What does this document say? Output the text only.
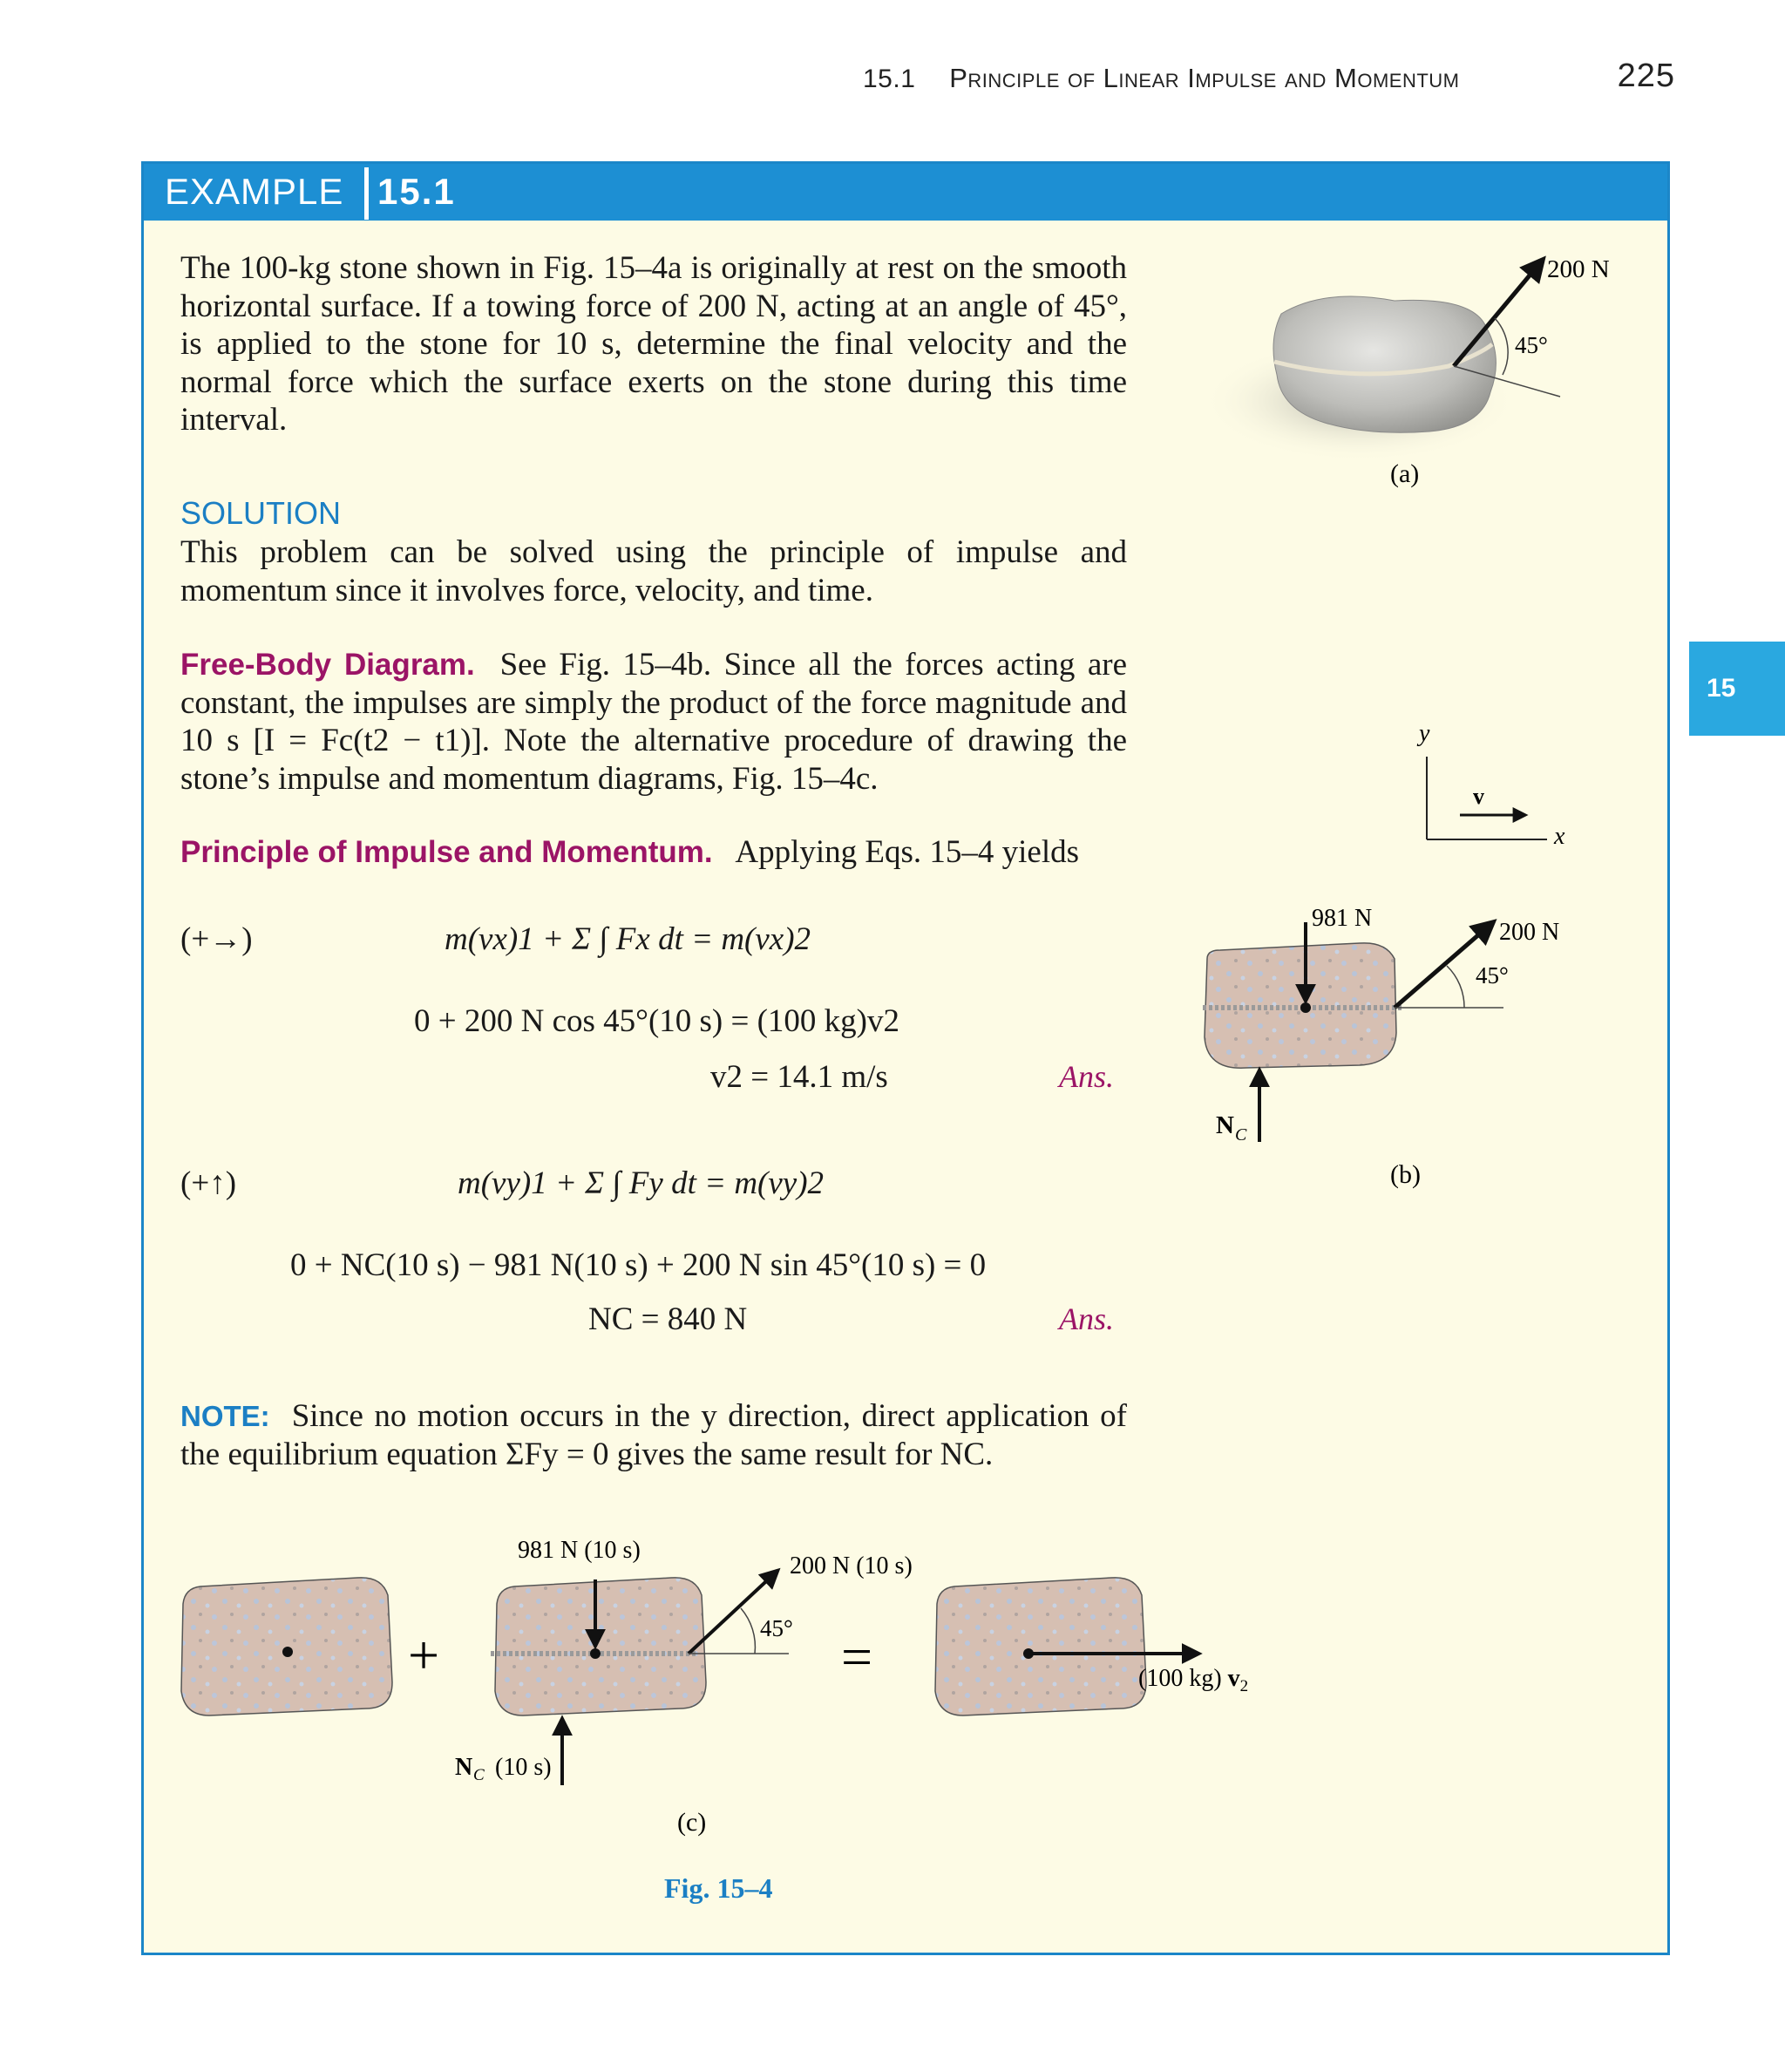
15.1 Principle of Linear Impulse and Momentum	225
15
EXAMPLE 15.1
The 100-kg stone shown in Fig. 15–4a is originally at rest on the smooth horizontal surface. If a towing force of 200 N, acting at an angle of 45°, is applied to the stone for 10 s, determine the final velocity and the normal force which the surface exerts on the stone during this time interval.
SOLUTION
This problem can be solved using the principle of impulse and momentum since it involves force, velocity, and time.
Free-Body Diagram. See Fig. 15–4b. Since all the forces acting are constant, the impulses are simply the product of the force magnitude and 10 s [I = Fc(t2 − t1)]. Note the alternative procedure of drawing the stone’s impulse and momentum diagrams, Fig. 15–4c.
Principle of Impulse and Momentum. Applying Eqs. 15–4 yields
(+→)	m(vx)1 + Σ ∫ Fx dt = m(vx)2
0 + 200 N cos 45°(10 s) = (100 kg)v2
v2 = 14.1 m/s	Ans.
(+↑)	m(vy)1 + Σ ∫ Fy dt = m(vy)2
0 + NC(10 s) − 981 N(10 s) + 200 N sin 45°(10 s) = 0
NC = 840 N	Ans.
NOTE: Since no motion occurs in the y direction, direct application of the equilibrium equation ΣFy = 0 gives the same result for NC.
200 N
45°
(a)
y
x
v
981 N
200 N
45°
N C
(b)
+
981 N (10 s)
200 N (10 s)
45°
N C (10 s)
=	(100 kg) $v_2$
(c)
Fig. 15–4
